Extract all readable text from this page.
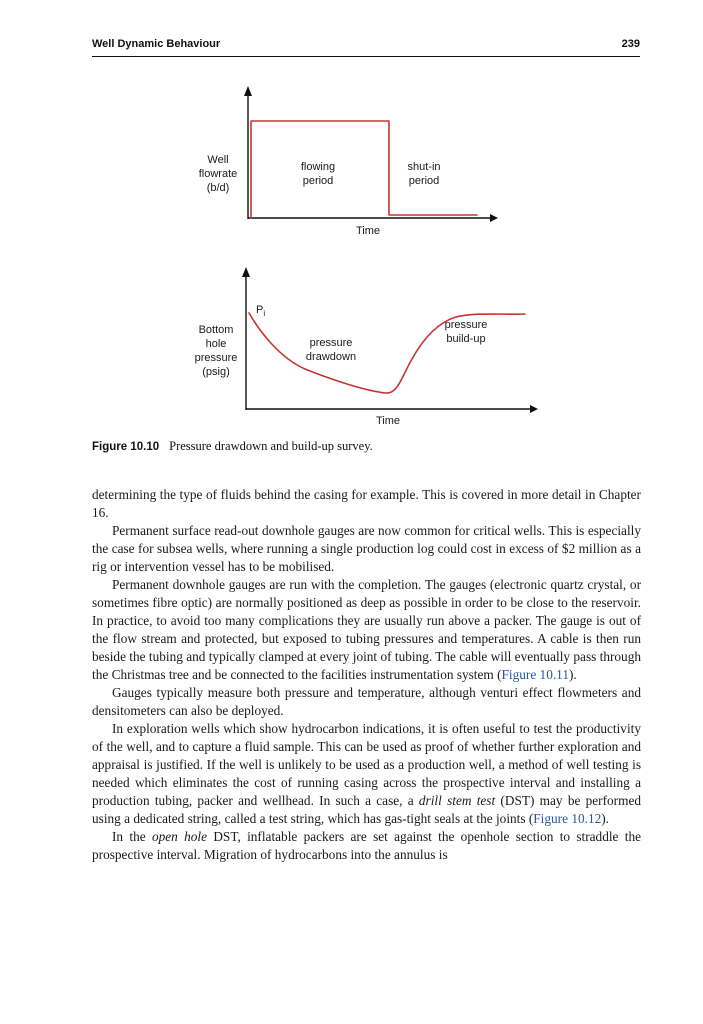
Well Dynamic Behaviour	239
Well
flowrate
(b/d)
flowing
period
shut-in
period
Time
Bottom
hole
pressure
(psig)
$P_i$
pressure
drawdown
pressure
build-up
Time
Figure 10.10 Pressure drawdown and build-up survey.

determining the type of fluids behind the casing for example. This is covered in more detail in Chapter 16.

Permanent surface read-out downhole gauges are now common for critical wells. This is especially the case for subsea wells, where running a single production log could cost in excess of $2 million as a rig or intervention vessel has to be mobilised.

Permanent downhole gauges are run with the completion. The gauges (electronic quartz crystal, or sometimes fibre optic) are normally positioned as deep as possible in order to be close to the reservoir. In practice, to avoid too many complications they are usually run above a packer. The gauge is out of the flow stream and protected, but exposed to tubing pressures and temperatures. A cable is then run beside the tubing and typically clamped at every joint of tubing. The cable will eventually pass through the Christmas tree and be connected to the facilities instrumentation system (Figure 10.11).

Gauges typically measure both pressure and temperature, although venturi effect flowmeters and densitometers can also be deployed.

In exploration wells which show hydrocarbon indications, it is often useful to test the productivity of the well, and to capture a fluid sample. This can be used as proof of whether further exploration and appraisal is justified. If the well is unlikely to be used as a production well, a method of well testing is needed which eliminates the cost of running casing across the prospective interval and installing a production tubing, packer and wellhead. In such a case, a drill stem test (DST) may be performed using a dedicated string, called a test string, which has gas-tight seals at the joints (Figure 10.12).

In the open hole DST, inflatable packers are set against the openhole section to straddle the prospective interval. Migration of hydrocarbons into the annulus is
